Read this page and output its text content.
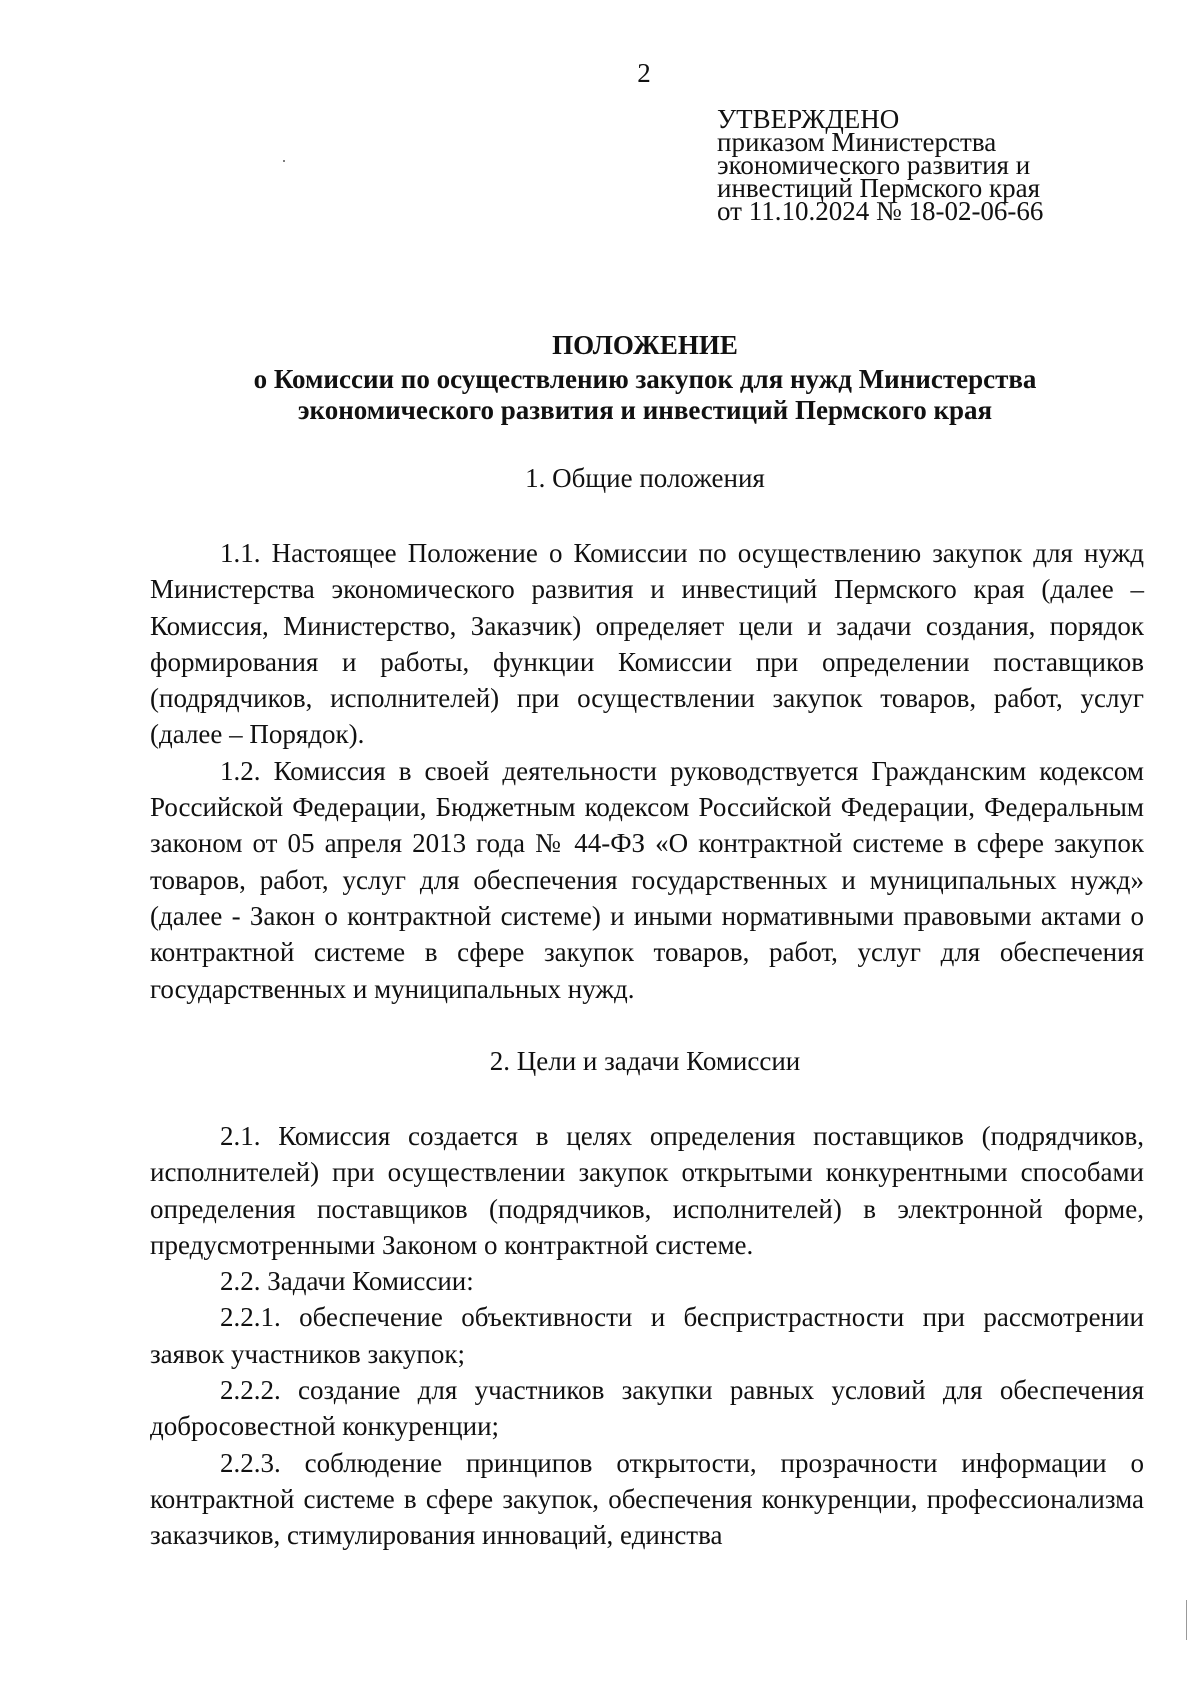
2
УТВЕРЖДЕНО
приказом Министерства
экономического развития и
инвестиций Пермского края
от 11.10.2024 № 18-02-06-66
ПОЛОЖЕНИЕ
о Комиссии по осуществлению закупок для нужд Министерства
экономического развития и инвестиций Пермского края
1. Общие положения

1.1. Настоящее Положение о Комиссии по осуществлению закупок для нужд Министерства экономического развития и инвестиций Пермского края (далее – Комиссия, Министерство, Заказчик) определяет цели и задачи создания, порядок формирования и работы, функции Комиссии при определении поставщиков (подрядчиков, исполнителей) при осуществлении закупок товаров, работ, услуг (далее – Порядок).

1.2. Комиссия в своей деятельности руководствуется Гражданским кодексом Российской Федерации, Бюджетным кодексом Российской Федерации, Федеральным законом от 05 апреля 2013 года № 44-ФЗ «О контрактной системе в сфере закупок товаров, работ, услуг для обеспечения государственных и муниципальных нужд» (далее - Закон о контрактной системе) и иными нормативными правовыми актами о контрактной системе в сфере закупок товаров, работ, услуг для обеспечения государственных и муниципальных нужд.

2. Цели и задачи Комиссии

2.1. Комиссия создается в целях определения поставщиков (подрядчиков, исполнителей) при осуществлении закупок открытыми конкурентными способами определения поставщиков (подрядчиков, исполнителей) в электронной форме, предусмотренными Законом о контрактной системе.

2.2. Задачи Комиссии:

2.2.1. обеспечение объективности и беспристрастности при рассмотрении заявок участников закупок;

2.2.2. создание для участников закупки равных условий для обеспечения добросовестной конкуренции;

2.2.3. соблюдение принципов открытости, прозрачности информации о контрактной системе в сфере закупок, обеспечения конкуренции, профессионализма заказчиков, стимулирования инноваций, единства
